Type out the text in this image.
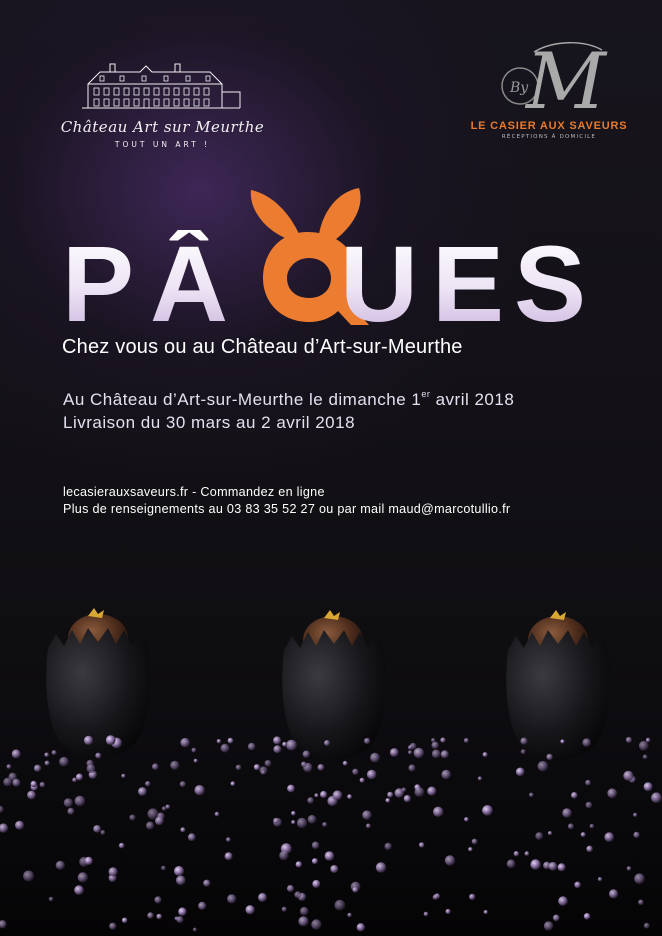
Château Art sur Meurthe
TOUT UN ART !
By
M
LE CASIER AUX SAVEURS
RÉCEPTIONS À DOMICILE
P Â U E S
Chez vous ou au Château d’Art-sur-Meurthe
Au Château d’Art-sur-Meurthe le dimanche 1er avril 2018
Livraison du 30 mars au 2 avril 2018
lecasierauxsaveurs.fr - Commandez en ligne
Plus de renseignements au 03 83 35 52 27 ou par mail maud@marcotullio.fr
